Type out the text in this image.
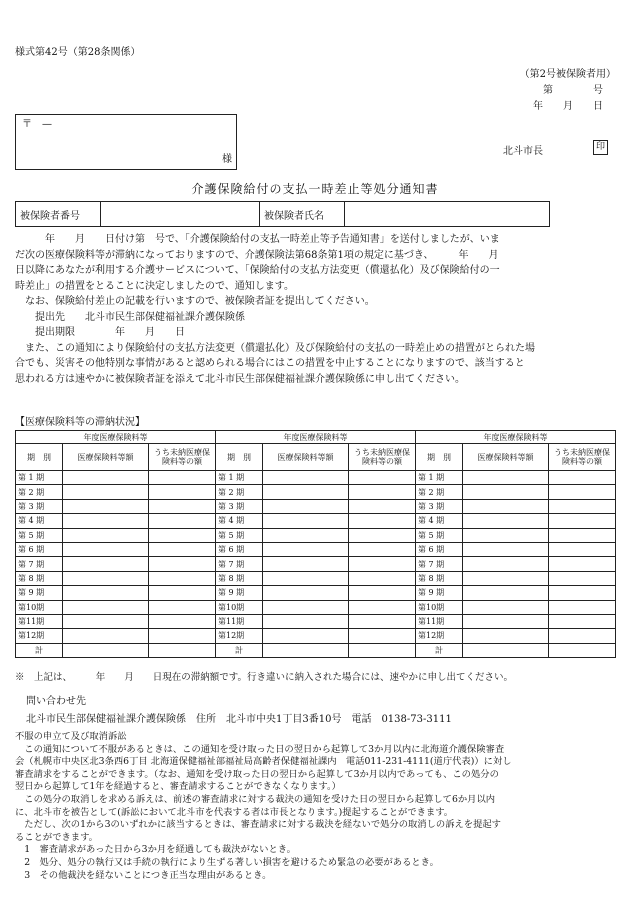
様式第42号（第28条関係）
（第2号被保険者用）
第　　　　号
年　　月　　日
〒　—
様
北斗市長	印
介護保険給付の支払一時差止等処分通知書
被保険者番号		被保険者氏名	

　　　年　　月　　日付け第　号で、「介護保険給付の支払一時差止等予告通知書」を送付しましたが、いま

だ次の医療保険料等が滞納になっておりますので、介護保険法第68条第1項の規定に基づき、　　　年　　月

日以降にあなたが利用する介護サービスについて、「保険給付の支払方法変更（償還払化）及び保険給付の一

時差止」の措置をとることに決定しましたので、通知します。

　なお、保険給付差止の記載を行いますので、被保険者証を提出してください。

　　提出先　　北斗市民生部保健福祉課介護保険係

　　提出期限　　　　年　　月　　日

　また、この通知により保険給付の支払方法変更（償還払化）及び保険給付の支払の一時差止めの措置がとられた場

合でも、災害その他特別な事情があると認められる場合にはこの措置を中止することになりますので、該当すると

思われる方は速やかに被保険者証を添えて北斗市民生部保健福祉課介護保険係に申し出てください。

【医療保険料等の滞納状況】
年度医療保険料等			年度医療保険料等			年度医療保険料等		
期　別	医療保険料等額	うち未納医療保険料等の額	期　別	医療保険料等額	うち未納医療保険料等の額	期　別	医療保険料等額	うち未納医療保険料等の額
第 1 期			第 1 期			第 1 期		
第 2 期			第 2 期			第 2 期		
第 3 期			第 3 期			第 3 期		
第 4 期			第 4 期			第 4 期		
第 5 期			第 5 期			第 5 期		
第 6 期			第 6 期			第 6 期		
第 7 期			第 7 期			第 7 期		
第 8 期			第 8 期			第 8 期		
第 9 期			第 9 期			第 9 期		
第10期			第10期			第10期		
第11期			第11期			第11期		
第12期			第12期			第12期		
計			計			計		
※　上記は、　　　年　　月　　日現在の滞納額です。行き違いに納入された場合には、速やかに申し出てください。
問い合わせ先
北斗市民生部保健福祉課介護保険係　住所　北斗市中央1丁目3番10号　電話　0138-73-3111

不服の申立て及び取消訴訟

　この通知について不服があるときは、この通知を受け取った日の翌日から起算して3か月以内に北海道介護保険審査

会（札幌市中央区北3条西6丁目 北海道保健福祉部福祉局高齢者保健福祉課内　電話011-231-4111(道庁代表)）に対し

審査請求をすることができます。（なお、通知を受け取った日の翌日から起算して3か月以内であっても、この処分の

翌日から起算して1年を経過すると、審査請求することができなくなります。）

　この処分の取消しを求める訴えは、前述の審査請求に対する裁決の通知を受けた日の翌日から起算して6か月以内

に、北斗市を被告として(訴訟において北斗市を代表する者は市長となります。)提起することができます。

　ただし、次の1から3のいずれかに該当するときは、審査請求に対する裁決を経ないで処分の取消しの訴えを提起す

ることができます。

　1　審査請求があった日から3か月を経過しても裁決がないとき。

　2　処分、処分の執行又は手続の執行により生ずる著しい損害を避けるため緊急の必要があるとき。

　3　その他裁決を経ないことにつき正当な理由があるとき。
